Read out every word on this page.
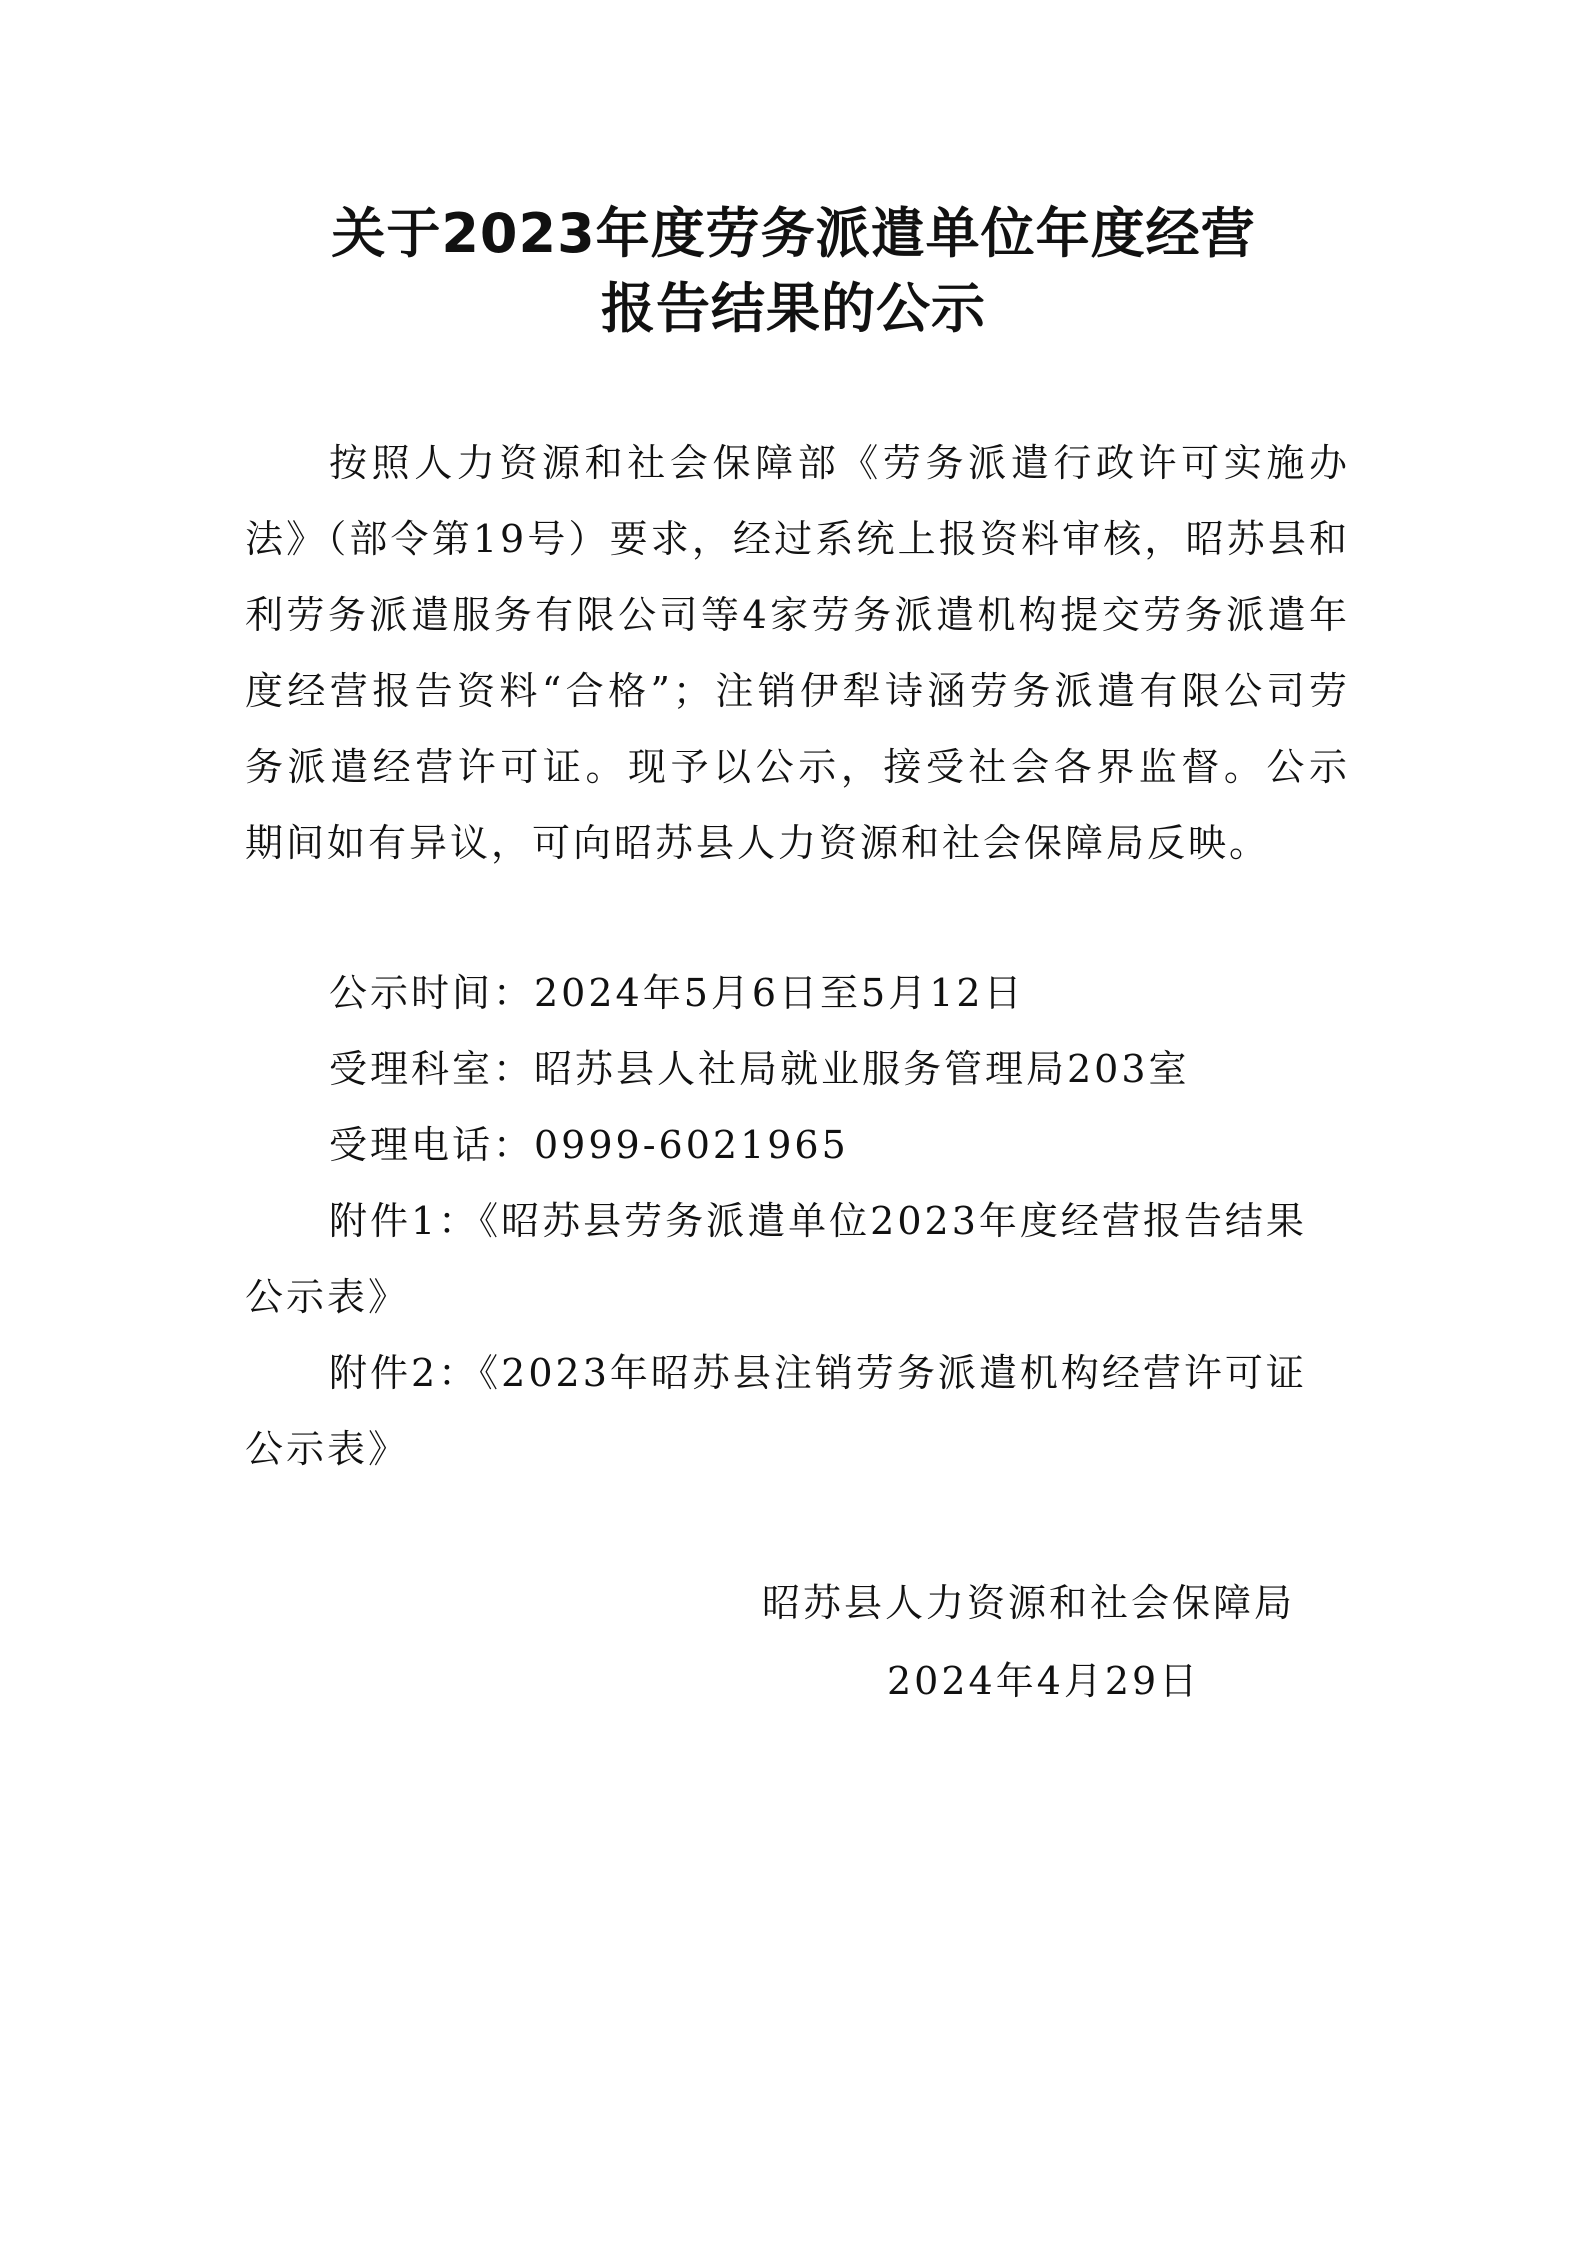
关于2023年度劳务派遣单位年度经营
报告结果的公示
按照人力资源和社会保障部《劳务派遣行政许可实施办法》（部令第19号）要求，经过系统上报资料审核，昭苏县和利劳务派遣服务有限公司等4家劳务派遣机构提交劳务派遣年度经营报告资料“合格”；注销伊犁诗涵劳务派遣有限公司劳务派遣经营许可证。现予以公示，接受社会各界监督。公示期间如有异议，可向昭苏县人力资源和社会保障局反映。
公示时间：2024年5月6日至5月12日
受理科室：昭苏县人社局就业服务管理局203室
受理电话：0999-6021965
附件1：《昭苏县劳务派遣单位2023年度经营报告结果
公示表》
附件2：《2023年昭苏县注销劳务派遣机构经营许可证
公示表》
昭苏县人力资源和社会保障局
2024年4月29日
